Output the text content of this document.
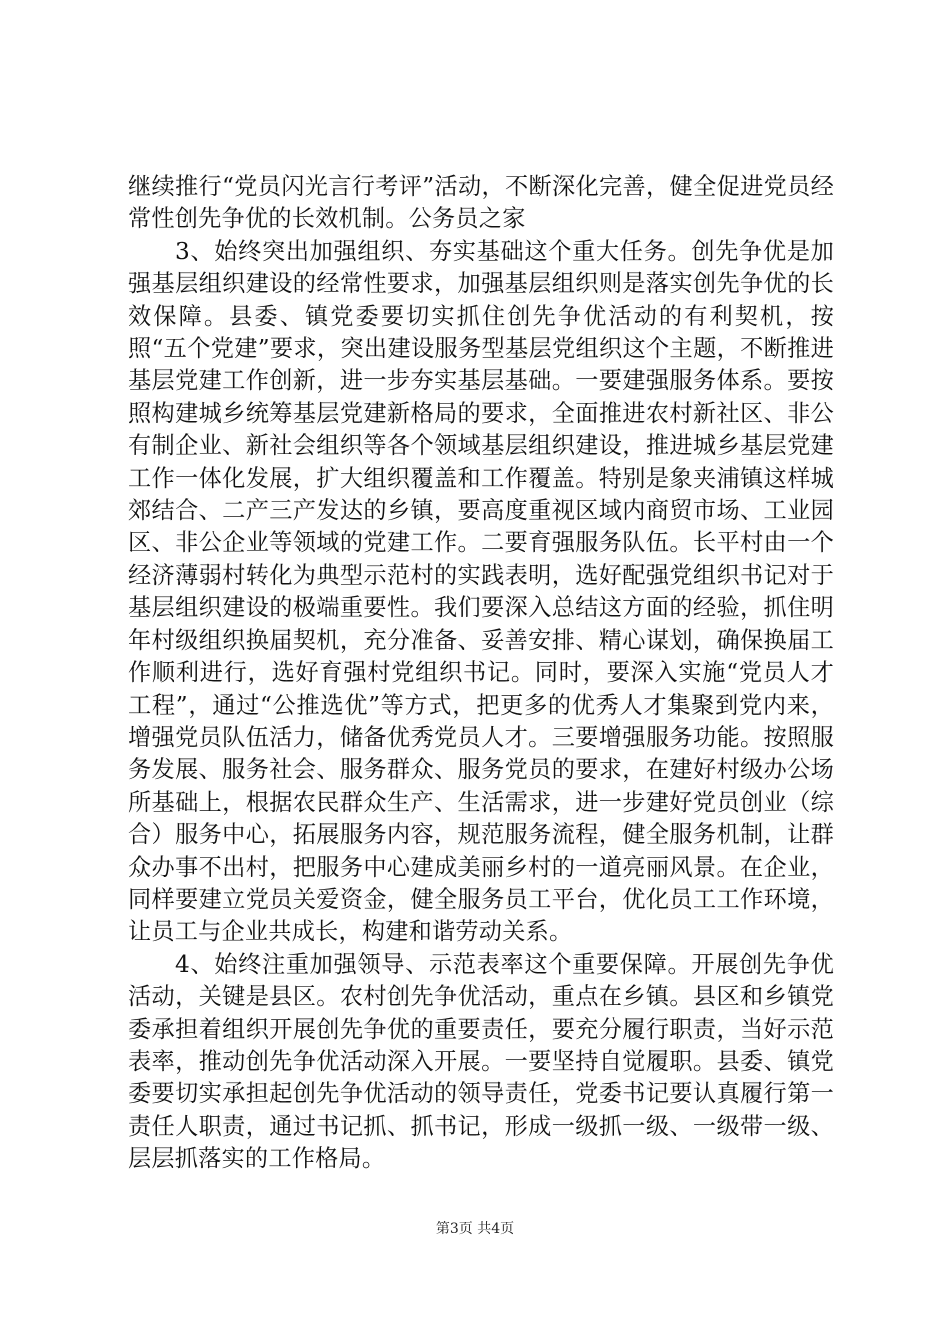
继续推行“党员闪光言行考评”活动，不断深化完善，健全促进党员经常性创先争优的长效机制。公务员之家

3、始终突出加强组织、夯实基础这个重大任务。创先争优是加强基层组织建设的经常性要求，加强基层组织则是落实创先争优的长效保障。县委、镇党委要切实抓住创先争优活动的有利契机，按照“五个党建”要求，突出建设服务型基层党组织这个主题，不断推进基层党建工作创新，进一步夯实基层基础。一要建强服务体系。要按照构建城乡统筹基层党建新格局的要求，全面推进农村新社区、非公有制企业、新社会组织等各个领域基层组织建设，推进城乡基层党建工作一体化发展，扩大组织覆盖和工作覆盖。特别是象夹浦镇这样城郊结合、二产三产发达的乡镇，要高度重视区域内商贸市场、工业园区、非公企业等领域的党建工作。二要育强服务队伍。长平村由一个经济薄弱村转化为典型示范村的实践表明，选好配强党组织书记对于基层组织建设的极端重要性。我们要深入总结这方面的经验，抓住明年村级组织换届契机，充分准备、妥善安排、精心谋划，确保换届工作顺利进行，选好育强村党组织书记。同时，要深入实施“党员人才工程”，通过“公推选优”等方式，把更多的优秀人才集聚到党内来，增强党员队伍活力，储备优秀党员人才。三要增强服务功能。按照服务发展、服务社会、服务群众、服务党员的要求，在建好村级办公场所基础上，根据农民群众生产、生活需求，进一步建好党员创业（综合）服务中心，拓展服务内容，规范服务流程，健全服务机制，让群众办事不出村，把服务中心建成美丽乡村的一道亮丽风景。在企业，同样要建立党员关爱资金，健全服务员工平台，优化员工工作环境，让员工与企业共成长，构建和谐劳动关系。

4、始终注重加强领导、示范表率这个重要保障。开展创先争优活动，关键是县区。农村创先争优活动，重点在乡镇。县区和乡镇党委承担着组织开展创先争优的重要责任，要充分履行职责，当好示范表率，推动创先争优活动深入开展。一要坚持自觉履职。县委、镇党委要切实承担起创先争优活动的领导责任，党委书记要认真履行第一责任人职责，通过书记抓、抓书记，形成一级抓一级、一级带一级、层层抓落实的工作格局。

第3页 共4页
